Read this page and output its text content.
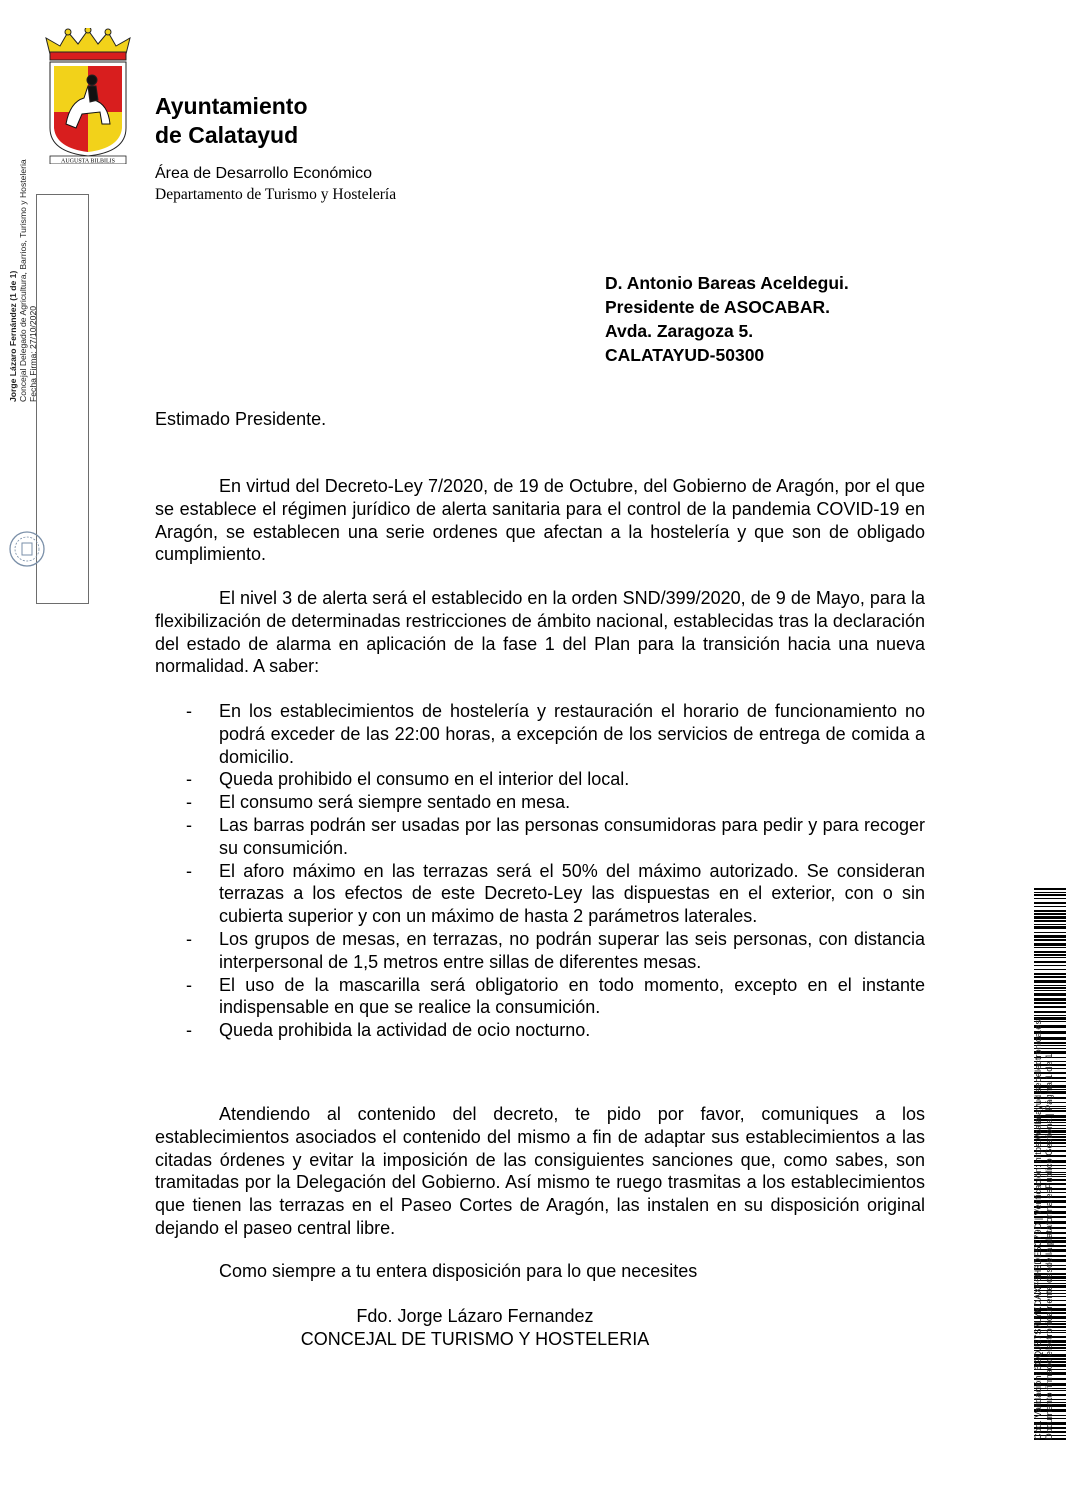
AUGUSTA BILBILIS
Ayuntamiento
de Calatayud
Área de Desarrollo Económico
Departamento de Turismo y Hostelería
Jorge Lázaro Fernández (1 de 1) Concejal Delegado de Agricultura, Barrios, Turismo y Hosteleria Fecha Firma: 27/10/2020
D. Antonio Bareas Aceldegui.
Presidente de ASOCABAR.
Avda. Zaragoza 5.
CALATAYUD-50300
Estimado Presidente.

En virtud del Decreto-Ley 7/2020, de 19 de Octubre, del Gobierno de Aragón, por el que se establece el régimen jurídico de alerta sanitaria para el control de la pandemia COVID-19 en Aragón, se establecen una serie ordenes que afectan a la hostelería y que son de obligado cumplimiento.

El nivel 3 de alerta será el establecido en la orden SND/399/2020, de 9 de Mayo, para la flexibilización de determinadas restricciones de ámbito nacional, establecidas tras la declaración del estado de alarma en aplicación de la fase 1 del Plan para la transición hacia una nueva normalidad. A saber:

- En los establecimientos de hostelería y restauración el horario de funcionamiento no podrá exceder de las 22:00 horas, a excepción de los servicios de entrega de comida a domicilio.
- Queda prohibido el consumo en el interior del local.
- El consumo será siempre sentado en mesa.
- Las barras podrán ser usadas por las personas consumidoras para pedir y para recoger su consumición.
- El aforo máximo en las terrazas será el 50% del máximo autorizado. Se consideran terrazas a los efectos de este Decreto-Ley las dispuestas en el exterior, con o sin cubierta superior y con un máximo de hasta 2 parámetros laterales.
- Los grupos de mesas, en terrazas, no podrán superar las seis personas, con distancia interpersonal de 1,5 metros entre sillas de diferentes mesas.
- El uso de la mascarilla será obligatorio en todo momento, excepto en el instante indispensable en que se realice la consumición.
- Queda prohibida la actividad de ocio nocturno.

Atendiendo al contenido del decreto, te pido por favor, comuniques a los establecimientos asociados el contenido del mismo a fin de adaptar sus establecimientos a las citadas órdenes y evitar la imposición de las consiguientes sanciones que, como sabes, son tramitadas por la Delegación del Gobierno. Así mismo te ruego trasmitas a los establecimientos que tienen las terrazas en el Paseo Cortes de Aragón, las instalen en su disposición original dejando el paseo central libre.

Como siempre a tu entera disposición para lo que necesites
Fdo. Jorge Lázaro Fernandez
CONCEJAL DE TURISMO Y HOSTELERIA	Cód. Validación: 6GQJS7S7LYKDAXF6H3DE5C79D | Verificación: https://calatayud.sedelectronica.es/ Documento firmado electrónicamente desde la plataforma esPublico Gestiona | Página 1 de 1
